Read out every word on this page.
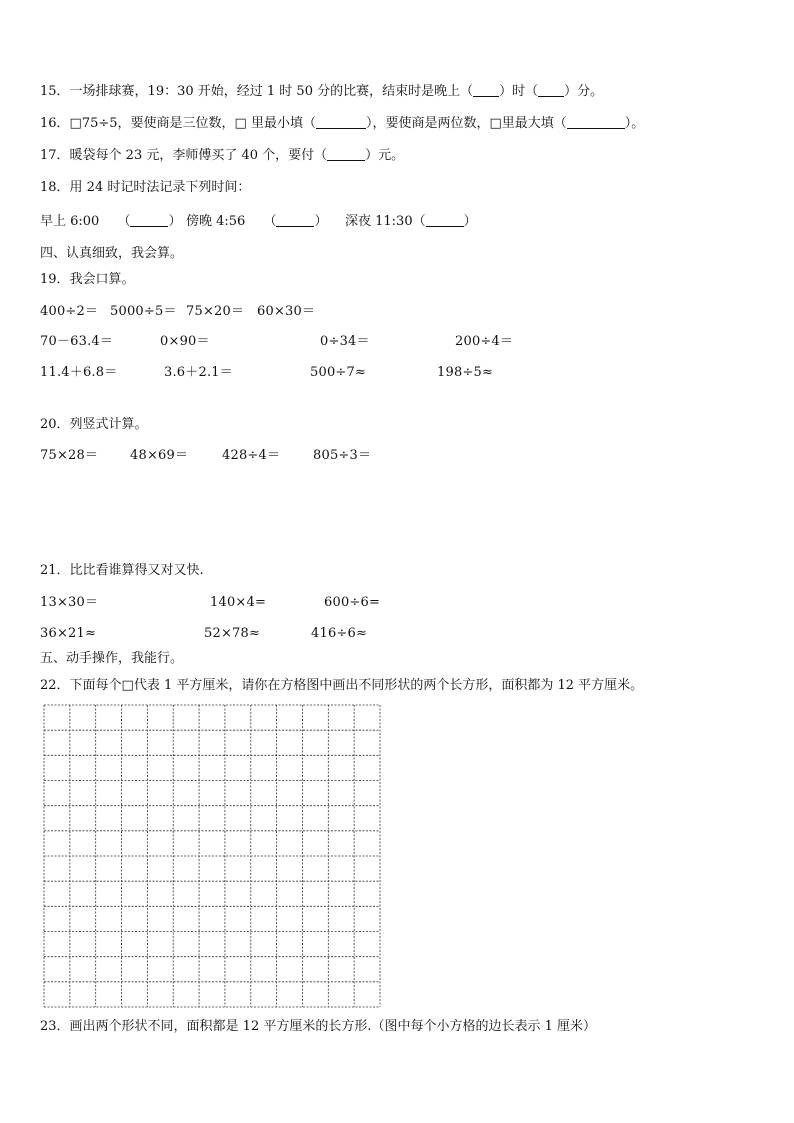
15．一场排球赛，19：30 开始，经过 1 时 50 分的比赛，结束时是晚上（ ）时（ ）分。
16．□75÷5，要使商是三位数，□ 里最小填（	），要使商是两位数，□里最大填（	）。
17．暖袋每个 23 元，李师傅买了 40 个，要付（	）元。
18．用 24 时记时法记录下列时间：
早上 6:00 （	） 傍晚 4:56 （	） 深夜 11:30（	）
四、认真细致，我会算。
19．我会口算。
400÷2＝ 5000÷5＝ 75×20＝ 60×30＝
70－63.4＝	0×90＝	0÷34＝	200÷4＝
11.4＋6.8＝	3.6＋2.1＝	500÷7≈	198÷5≈
20．列竖式计算。
75×28＝ 48×69＝	428÷4＝	805÷3＝
21．比比看谁算得又对又快.
13×30＝	140×4=	600÷6=
36×21≈	52×78≈	416÷6≈
五、动手操作，我能行。
22．下面每个□代表 1 平方厘米，请你在方格图中画出不同形状的两个长方形，面积都为 12 平方厘米。
23．画出两个形状不同，面积都是 12 平方厘米的长方形.（图中每个小方格的边长表示 1 厘米）
